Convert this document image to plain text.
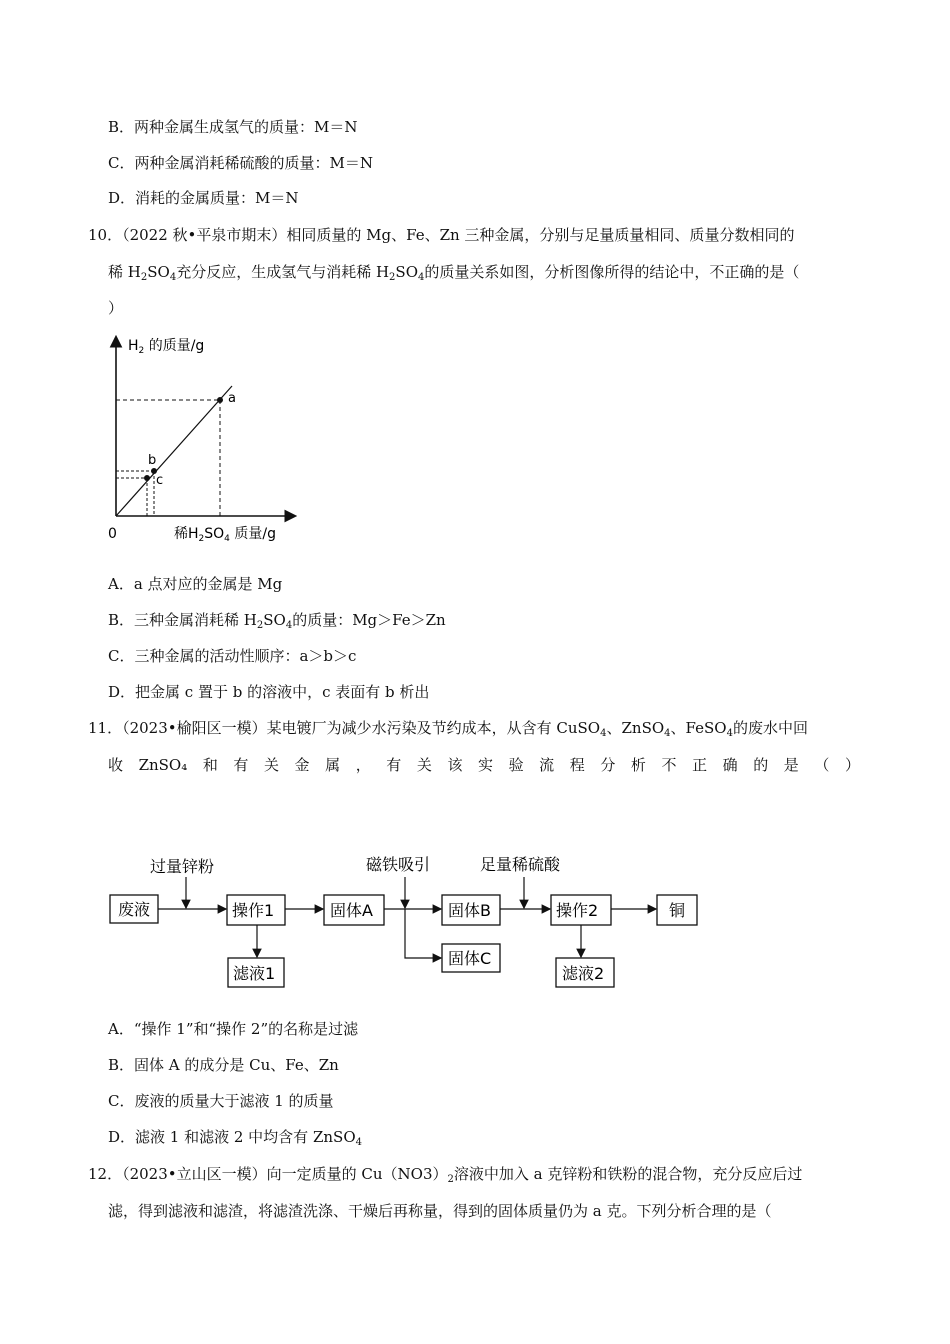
B．两种金属生成氢气的质量：M＝N
C．两种金属消耗稀硫酸的质量：M＝N
D．消耗的金属质量：M＝N
10．（2022 秋•平泉市期末）相同质量的 Mg、Fe、Zn 三种金属，分别与足量质量相同、质量分数相同的
稀 $H_2SO_4$充分反应，生成氢气与消耗稀 $H_2SO_4$的质量关系如图，分析图像所得的结论中，不正确的是（
）
a
b
c
$H_2$ 的质量/g
0	稀$H_2SO_4$ 质量/g
A．a 点对应的金属是 Mg
B．三种金属消耗稀 $H_2SO_4$的质量：Mg＞Fe＞Zn
C．三种金属的活动性顺序：a＞b＞c
D．把金属 c 置于 b 的溶液中，c 表面有 b 析出
11．（2023•榆阳区一模）某电镀厂为减少水污染及节约成本，从含有 CuSO$_4$、ZnSO$_4$、FeSO$_4$的废水中回
收 ZnSO₄ 和 有 关 金 属 ， 有 关 该 实 验 流 程 分 析 不 正 确 的 是 （ ）
过量锌粉	磁铁吸引	足量稀硫酸
废液	操作1	固体A	固体B	操作2	铜
滤液1
固体C
滤液2
A．“操作 1”和“操作 2”的名称是过滤
B．固体 A 的成分是 Cu、Fe、Zn
C．废液的质量大于滤液 1 的质量
D．滤液 1 和滤液 2 中均含有 ZnSO$_4$
12．（2023•立山区一模）向一定质量的 $Cu(NO3)_2$溶液中加入 a 克锌粉和铁粉的混合物，充分反应后过
滤，得到滤液和滤渣，将滤渣洗涤、干燥后再称量，得到的固体质量仍为 a 克。下列分析合理的是（
